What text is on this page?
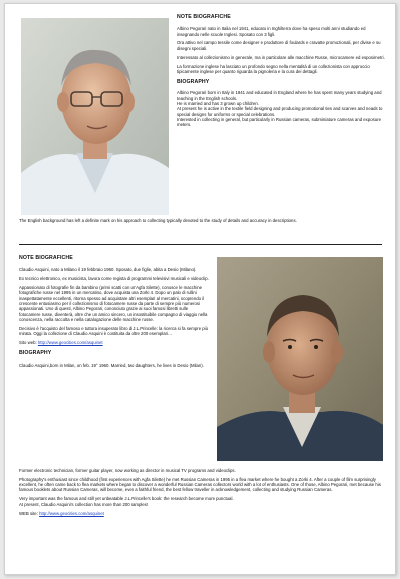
NOTE BIOGRAFICHE
Albino Pegorari nato in Italia nel 1941, educato in Inghilterra dove ha speso molti anni studiando ed insegnando nelle scuole Inglesi. Sposato con 3 figli.
Ora attivo nel campo tessile come designer e produttore di foulards e cravatte promozionali, per divise e su disegni speciali.
Interessato al collezionismo in generale, ma in particolare alle macchine Russe, microcamere ed esposimetri.
La formazione inglese ha lasciato un profondo segno nella mentalità di un collezionista con approccio tipicamente inglese per quanto riguarda la pignoleria e la cura dei dettagli.
BIOGRAPHY
Albino Pegorari born in Italy in 1941 and educated in England where he has spent many years studying and teaching in the English schools.
He is married and has 3 grown up children.
At present he is active in the textile field designing and producing promotional ties and scarves and neads to special designs for uniforms or special celebrations.
Interested in collecting in general, but particularly in Russian cameras, subminiature cameras and exposure meters.
The English background has left a definite mark on his approach to collecting typically devoted to the study of details and accuracy in descriptions.
NOTE BIOGRAFICHE
Claudio Asquini, nato a Milano il 19 febbraio 1960. Sposato, due figlie, abita a Desio (Milano).
Ex tecnico elettronico, ex musicista, lavora come regista di programmi televisivi musicali e videoclip.
Appassionato di fotografie fin da bambino (primi scatti con un'Agfa Silette), conosce le macchine fotografiche russe nel 1995 in un mercatino, dove acquista una Zorki 4. Dopo un palo di rullini inaspettatamente eccellenti, ritorna spesso ad acquistare altri esemplari al mercatini, scoprendo il crescente entusiasmo per il collezionismo di fotocamere russe da parte di sempre più numerosi appassionati. Uno di questi, Albino Pegorari, conosciuto grazie ai suoi famosi libretti sulle fotocamere russe, diventerà, oltre che un amico sincero, un insostituibile compagno di viaggio nella conoscenza, nella raccolta e nella catalogazione delle macchine russe.
Decisivo è l'acquisto del famoso e tuttora insuperato libro di J.L.Princelle: la ricerca si fa sempre più mirata. Oggi la collezione di Claudio Asquini è costituita da oltre 200 esemplari…
Sito web: http://www.geocities.com/asquinet
BIOGRAPHY
Claudio Asquini,born in Milan, on feb. 19° 1960. Married, two daughters, he lives in Desio (Milan).
Former electronic technician, former guitar player, now working as director in musical TV programs and videoclips.
Photography's enthusiast since childhood (first experiences with Agfa Silette) he met Russian Cameras in 1995 in a flea market where he bought a Zorki 4. After a couple of film surprisingly excellent, he often came back to flea markets where began to discover a wonderful Russian Cameras collectors world with a lot of enthusiasts. One of those, Albino Pegorari, met because his famous booklets about Russian Cameras, will become, even a faithful friend, the best fellow traveller in acknowledgement, collecting and studying Russian Cameras.
Very important was the famous and still yet unbeatable J.L.Princelle's book: the research become more punctual.
At present, Claudio Asquini's collection has more than 200 samples!
WEB site: http://www.geocities.com/asquinet
